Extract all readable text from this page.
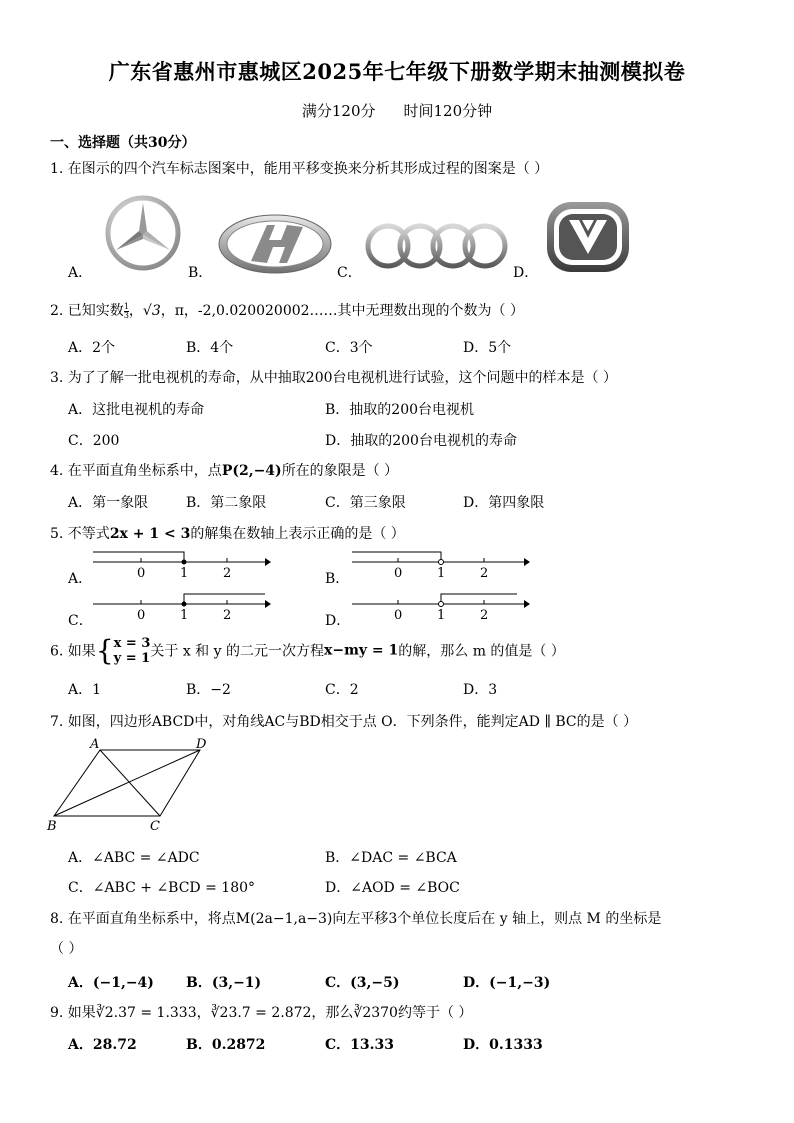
广东省惠州市惠城区2025年七年级下册数学期末抽测模拟卷
满分120分 时间120分钟
一、选择题（共30分）
1. 在图示的四个汽车标志图案中，能用平移变换来分析其形成过程的图案是（ ）
A．	B．	C．	D．
2. 已知实数 $\frac{1}{3}$ ，√3，π，-2,0.020020002……其中无理数出现的个数为（ ）
A．2个	B．4个	C．3个	D．5个
3. 为了了解一批电视机的寿命，从中抽取200台电视机进行试验，这个问题中的样本是（ ）
A．这批电视机的寿命	B．抽取的200台电视机
C．200	D．抽取的200台电视机的寿命
4. 在平面直角坐标系中，点P(2,−4)所在的象限是（ ）
A．第一象限	B．第二象限	C．第三象限	D．第四象限
5. 不等式2x + 1 < 3的解集在数轴上表示正确的是（ ）
A．	B．
C．	D．
0	1	2	0	1	2
0	1	2	0	1	2
6. 如果{ x = 3
y = 1 关于 x 和 y 的二元一次方程x−my = 1的解，那么 m 的值是（ ）
A．1	B．−2	C．2	D．3
7. 如图，四边形ABCD中，对角线AC与BD相交于点 O．下列条件，能判定AD ∥ BC的是（ ）
A	D
B	C
A．∠ABC = ∠ADC	B．∠DAC = ∠BCA
C．∠ABC + ∠BCD = 180°	D．∠AOD = ∠BOC
8. 在平面直角坐标系中，将点M(2a−1,a−3)向左平移3个单位长度后在 y 轴上，则点 M 的坐标是
（ ）
A．(−1,−4) B．(3,−1)	C．(3,−5)	D．(−1,−3)
9. 如果∛2.37 = 1.333，∛23.7 = 2.872，那么∛2370约等于（ ）
A．28.72	B．0.2872	C．13.33	D．0.1333
